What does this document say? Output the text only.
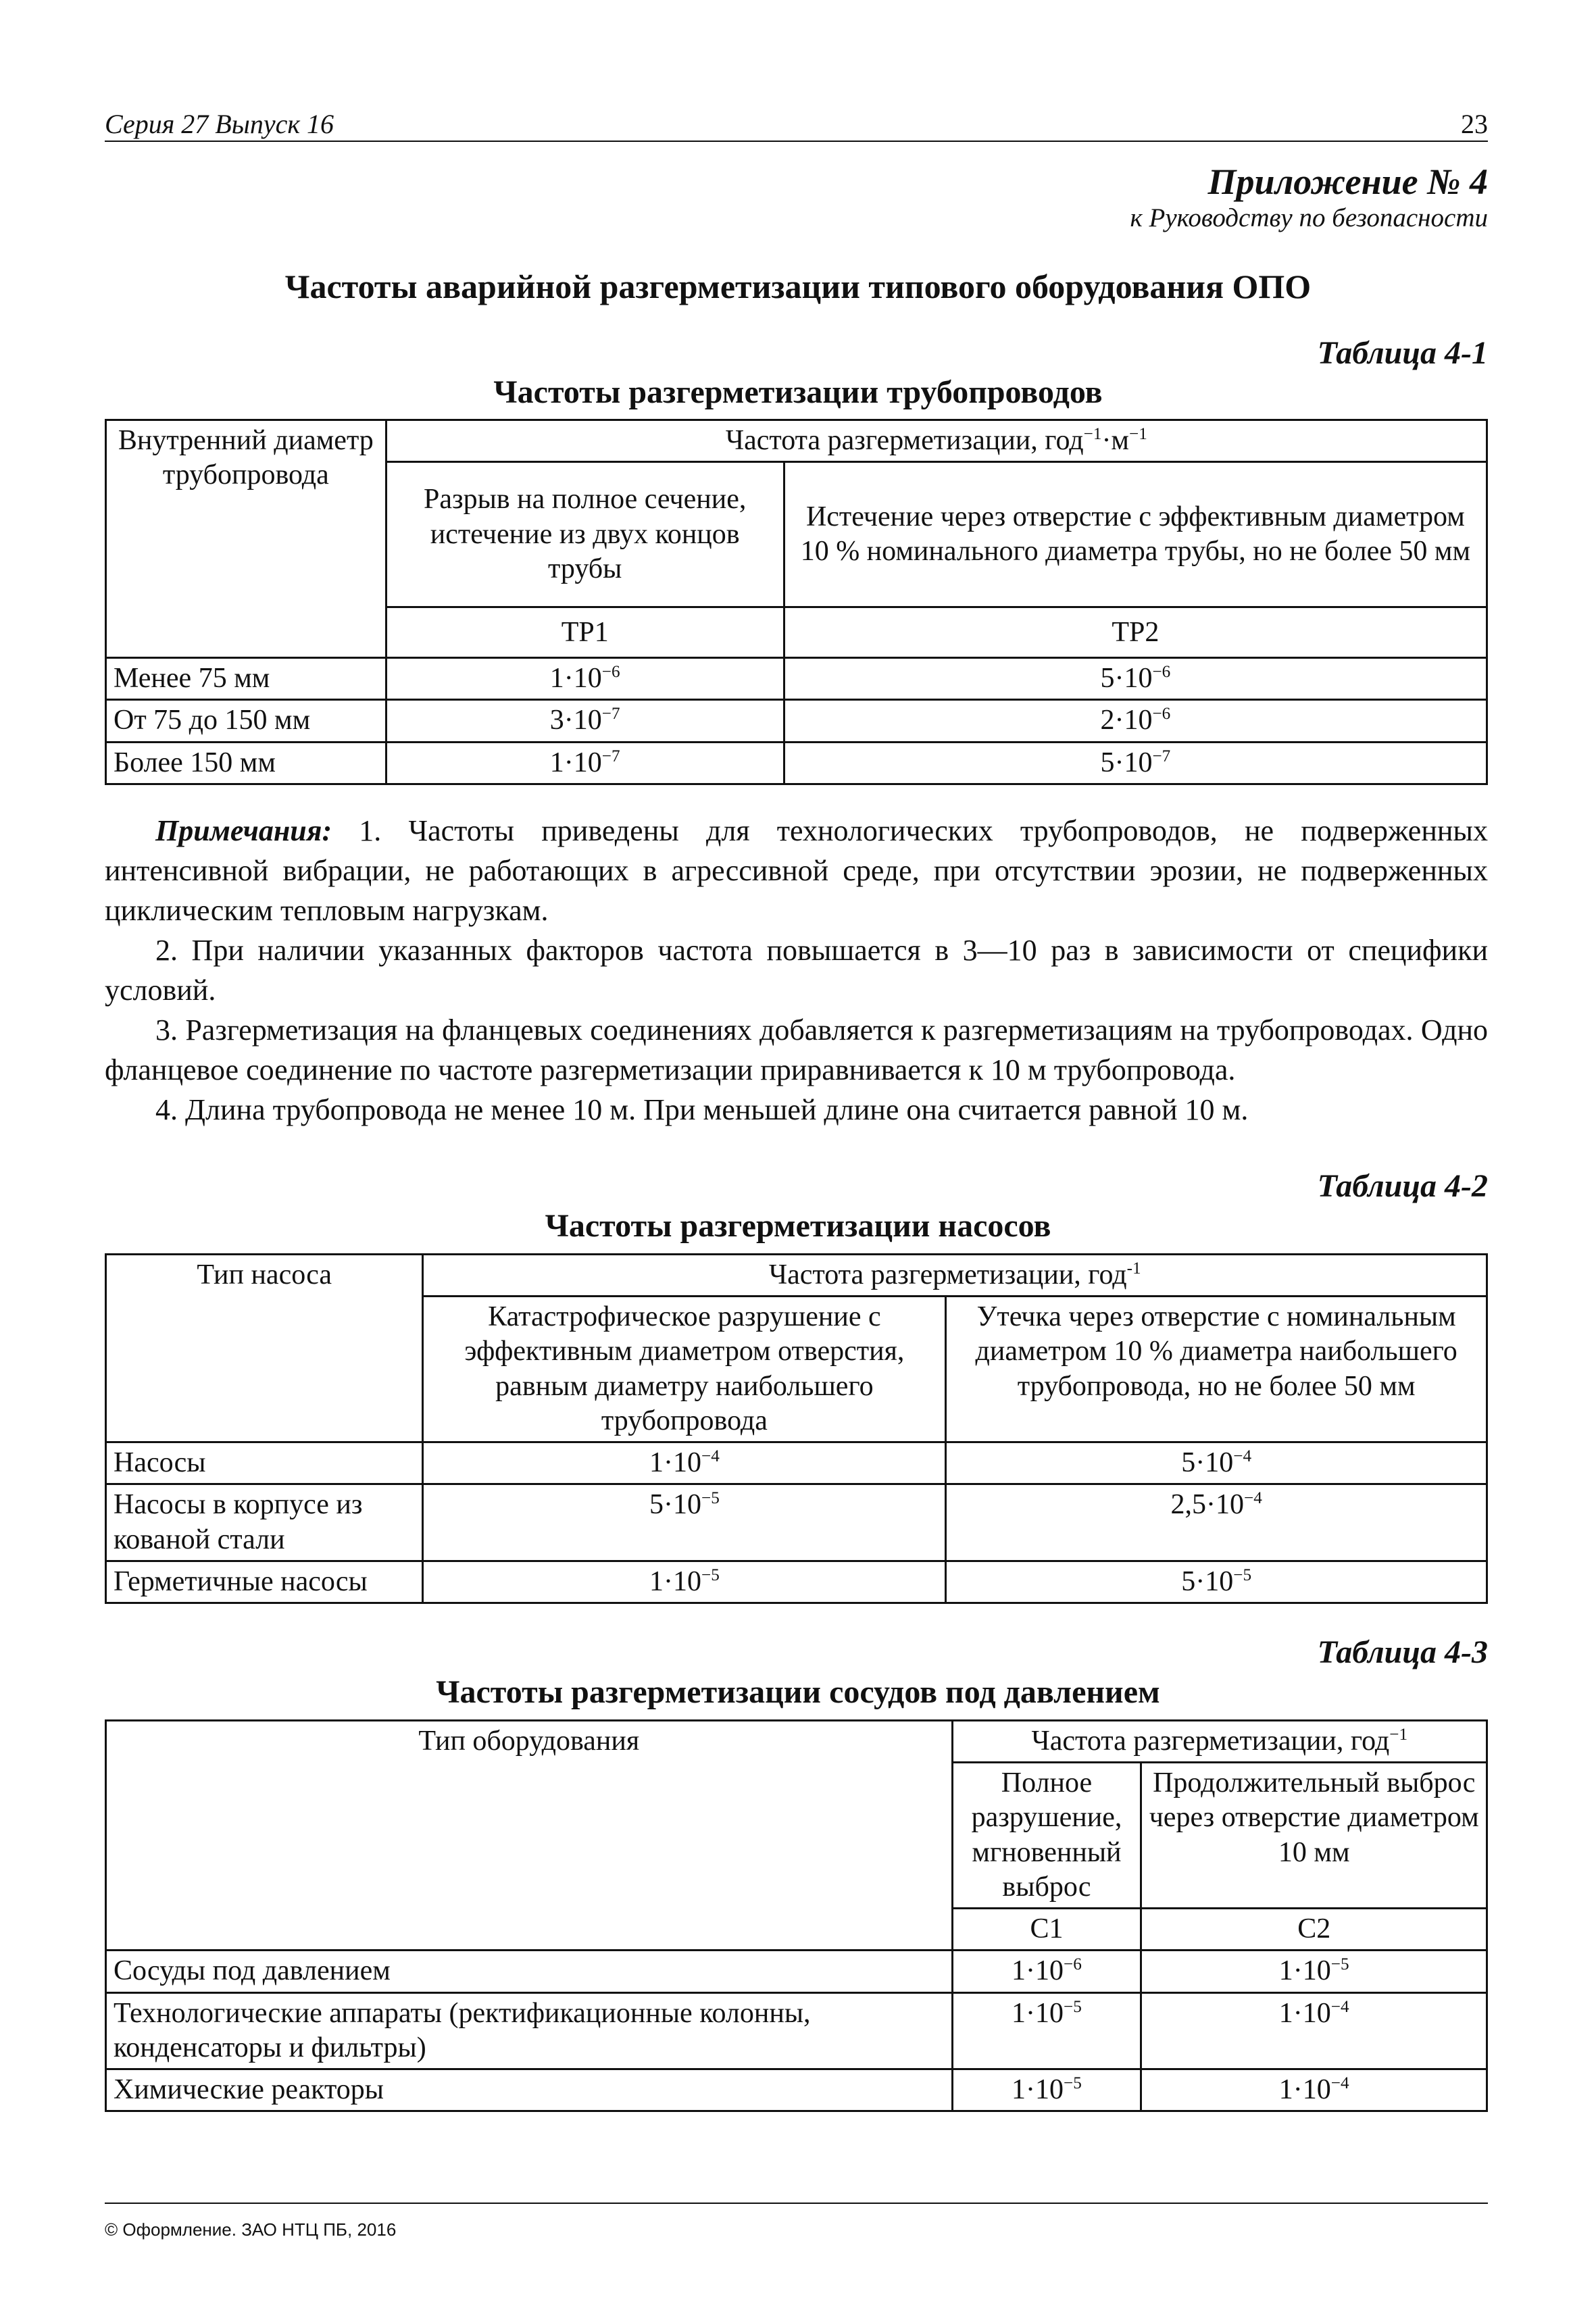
Серия 27 Выпуск 16	23
Приложение № 4
к Руководству по безопасности
Частоты аварийной разгерметизации типового оборудования ОПО
Таблица 4-1
Частоты разгерметизации трубопроводов
Внутренний диаметр трубопровода	Частота разгерметизации, $год^{-1}\cdot м^{-1}$
	Разрыв на полное сечение, истечение из двух концов трубы	Истечение через отверстие с эффективным диаметром 10 % номинального диаметра трубы, но не более 50 мм
	TP1	TP2
Менее 75 мм	$1\cdot 10^{-6}$	$5\cdot 10^{-6}$
От 75 до 150 мм	$3\cdot 10^{-7}$	$2\cdot 10^{-6}$
Более 150 мм	$1\cdot 10^{-7}$	$5\cdot 10^{-7}$

Примечания: 1. Частоты приведены для технологических трубопроводов, не подверженных интенсивной вибрации, не работающих в агрессивной среде, при отсутствии эрозии, не подверженных циклическим тепловым нагрузкам.

2. При наличии указанных факторов частота повышается в 3—10 раз в зависимости от специфики условий.

3. Разгерметизация на фланцевых соединениях добавляется к разгерметизациям на трубопроводах. Одно фланцевое соединение по частоте разгерметизации приравнивается к 10 м трубопровода.

4. Длина трубопровода не менее 10 м. При меньшей длине она считается равной 10 м.

Таблица 4-2
Частоты разгерметизации насосов
Тип насоса	Частота разгерметизации, год$^{-1}$
	Катастрофическое разрушение с эффективным диаметром отверстия, равным диаметру наибольшего трубопровода	Утечка через отверстие с номинальным диаметром 10 % диаметра наибольшего трубопровода, но не более 50 мм
Насосы	$1\cdot 10^{-4}$	$5\cdot 10^{-4}$
Насосы в корпусе из кованой стали	$5\cdot 10^{-5}$	$2,5\cdot 10^{-4}$
Герметичные насосы	$1\cdot 10^{-5}$	$5\cdot 10^{-5}$
Таблица 4-3
Частоты разгерметизации сосудов под давлением
Тип оборудования	Частота разгерметизации, год$^{-1}$
	Полное разрушение, мгновенный выброс	Продолжительный выброс через отверстие диаметром 10 мм
	C1	C2
Сосуды под давлением	$1\cdot 10^{-6}$	$1\cdot 10^{-5}$
Технологические аппараты (ректификационные колонны, конденсаторы и фильтры)	$1\cdot 10^{-5}$	$1\cdot 10^{-4}$
Химические реакторы	$1\cdot 10^{-5}$	$1\cdot 10^{-4}$
© Оформление. ЗАО НТЦ ПБ, 2016
